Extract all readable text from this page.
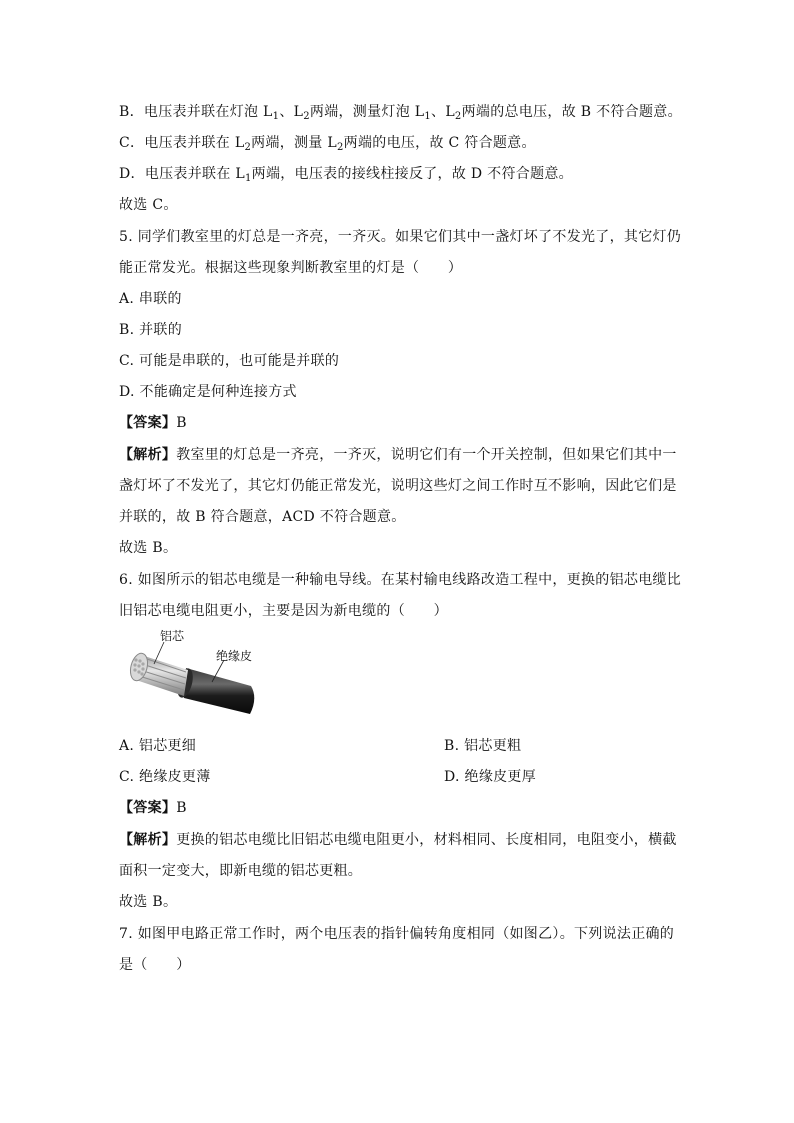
B．电压表并联在灯泡 $L_1$、$L_2$两端，测量灯泡 $L_1$、$L_2$两端的总电压，故 B 不符合题意。
C．电压表并联在 $L_2$两端，测量 $L_2$两端的电压，故 C 符合题意。
D．电压表并联在 $L_1$两端，电压表的接线柱接反了，故 D 不符合题意。
故选 C。
5. 同学们教室里的灯总是一齐亮，一齐灭。如果它们其中一盏灯坏了不发光了，其它灯仍
能正常发光。根据这些现象判断教室里的灯是（　　）
A. 串联的
B. 并联的
C. 可能是串联的，也可能是并联的
D. 不能确定是何种连接方式
【答案】B
【解析】教室里的灯总是一齐亮，一齐灭，说明它们有一个开关控制，但如果它们其中一
盏灯坏了不发光了，其它灯仍能正常发光，说明这些灯之间工作时互不影响，因此它们是
并联的，故 B 符合题意，ACD 不符合题意。
故选 B。
6. 如图所示的铝芯电缆是一种输电导线。在某村输电线路改造工程中，更换的铝芯电缆比
旧铝芯电缆电阻更小，主要是因为新电缆的（　　）
铝芯
绝缘皮
A. 铝芯更细	B. 铝芯更粗
C. 绝缘皮更薄	D. 绝缘皮更厚
【答案】B
【解析】更换的铝芯电缆比旧铝芯电缆电阻更小，材料相同、长度相同，电阻变小，横截
面积一定变大，即新电缆的铝芯更粗。
故选 B。
7. 如图甲电路正常工作时，两个电压表的指针偏转角度相同（如图乙）。下列说法正确的
是（　　）
